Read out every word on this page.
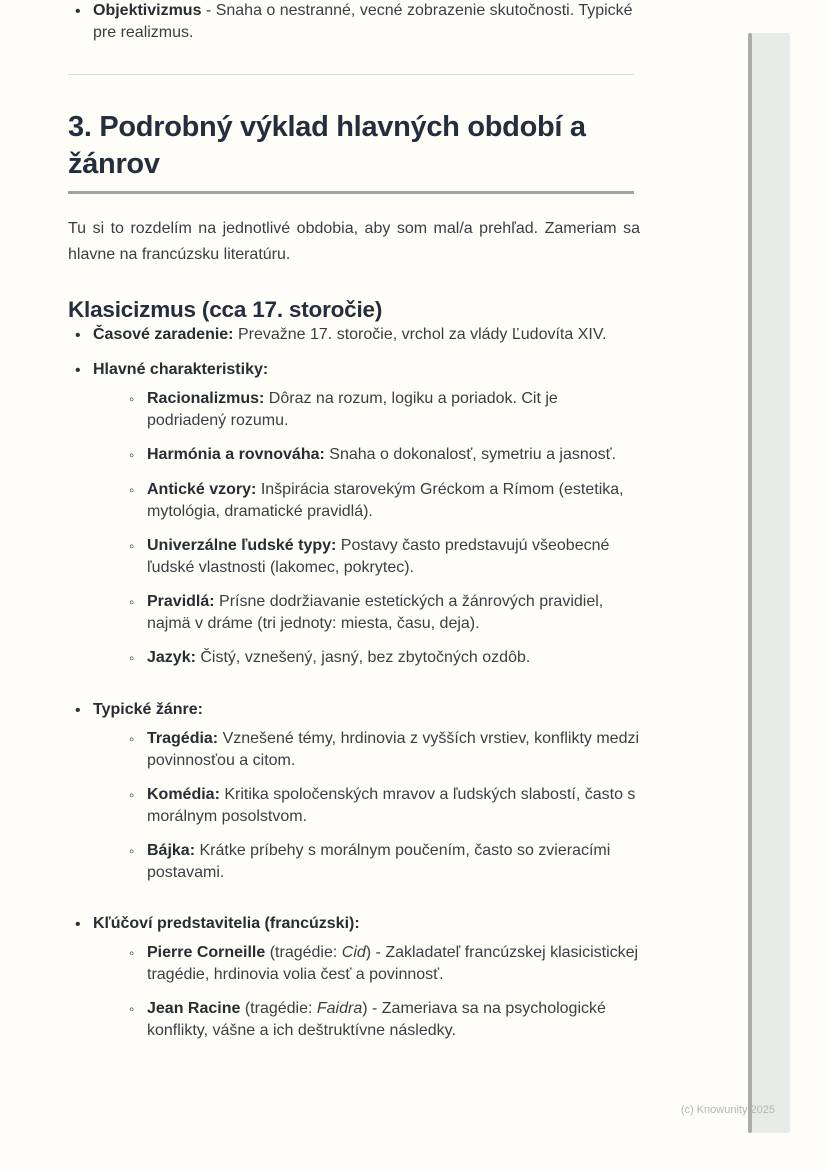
• Objektivizmus - Snaha o nestranné, vecné zobrazenie skutočnosti. Typické pre realizmus.
3. Podrobný výklad hlavných období a žánrov

Tu si to rozdelím na jednotlivé obdobia, aby som mal/a prehľad. Zameriam sa hlavne na francúzsku literatúru.

Klasicizmus (cca 17. storočie)
• Časové zaradenie: Prevažne 17. storočie, vrchol za vlády Ľudovíta XIV.
• Hlavné charakteristiky:
◦ Racionalizmus: Dôraz na rozum, logiku a poriadok. Cit je podriadený rozumu.
◦ Harmónia a rovnováha: Snaha o dokonalosť, symetriu a jasnosť.
◦ Antické vzory: Inšpirácia starovekým Gréckom a Rímom (estetika, mytológia, dramatické pravidlá).
◦ Univerzálne ľudské typy: Postavy často predstavujú všeobecné ľudské vlastnosti (lakomec, pokrytec).
◦ Pravidlá: Prísne dodržiavanie estetických a žánrových pravidiel, najmä v dráme (tri jednoty: miesta, času, deja).
◦ Jazyk: Čistý, vznešený, jasný, bez zbytočných ozdôb.
• Typické žánre:
◦ Tragédia: Vznešené témy, hrdinovia z vyšších vrstiev, konflikty medzi povinnosťou a citom.
◦ Komédia: Kritika spoločenských mravov a ľudských slabostí, často s morálnym posolstvom.
◦ Bájka: Krátke príbehy s morálnym poučením, často so zvieracími postavami.
• Kľúčoví predstavitelia (francúzski):
◦ Pierre Corneille (tragédie: Cid) - Zakladateľ francúzskej klasicistickej tragédie, hrdinovia volia česť a povinnosť.
◦ Jean Racine (tragédie: Faidra) - Zameriava sa na psychologické konflikty, vášne a ich deštruktívne následky.
(c) Knowunity 2025
